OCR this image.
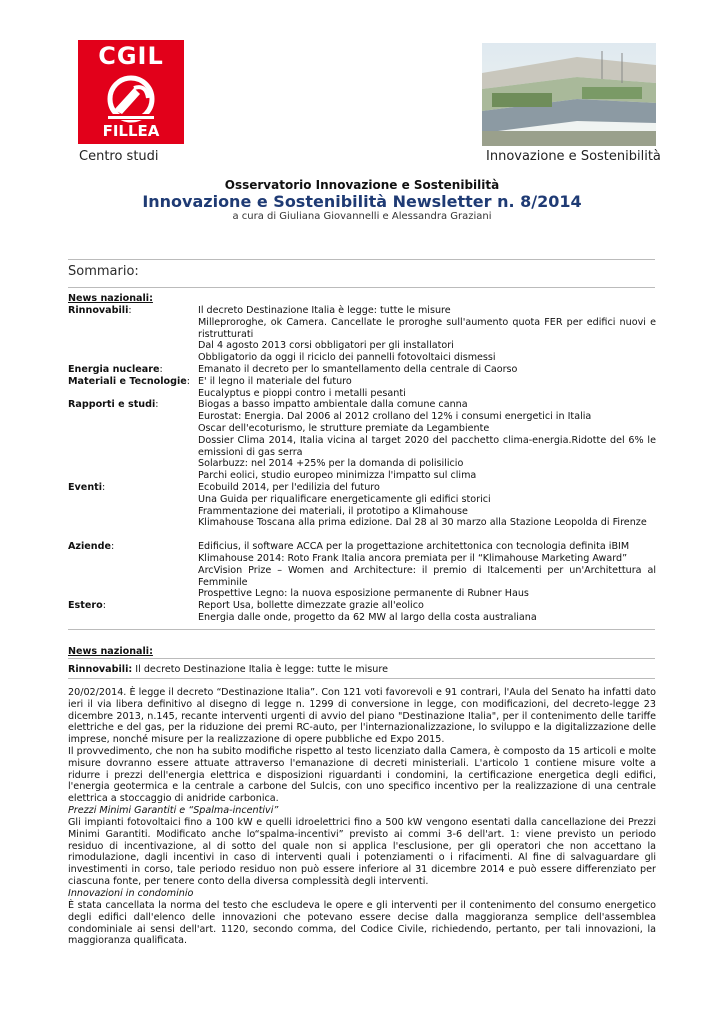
CGIL
FILLEA
Centro studi	Innovazione e Sostenibilità
Osservatorio Innovazione e Sostenibilità
Innovazione e Sostenibilità Newsletter n. 8/2014
a cura di Giuliana Giovannelli e Alessandra Graziani
Sommario:
News nazionali:
Rinnovabili:
Energia nucleare:
Materiali e Tecnologie:
Rapporti e studi:
Eventi:
Aziende:
Estero:
Il decreto Destinazione Italia è legge: tutte le misure
Milleproroghe, ok Camera. Cancellate le proroghe sull'aumento quota FER per edifici nuovi e ristrutturati
Dal 4 agosto 2013 corsi obbligatori per gli installatori
Obbligatorio da oggi il riciclo dei pannelli fotovoltaici dismessi
Emanato il decreto per lo smantellamento della centrale di Caorso
E' il legno il materiale del futuro
Eucalyptus e pioppi contro i metalli pesanti
Biogas a basso impatto ambientale dalla comune canna
Eurostat: Energia. Dal 2006 al 2012 crollano del 12% i consumi energetici in Italia
Oscar dell'ecoturismo, le strutture premiate da Legambiente
Dossier Clima 2014, Italia vicina al target 2020 del pacchetto clima-energia.Ridotte del 6% le emissioni di gas serra
Solarbuzz: nel 2014 +25% per la domanda di polisilicio
Parchi eolici, studio europeo minimizza l'impatto sul clima
Ecobuild 2014, per l'edilizia del futuro
Una Guida per riqualificare energeticamente gli edifici storici
Frammentazione dei materiali, il prototipo a Klimahouse
Klimahouse Toscana alla prima edizione. Dal 28 al 30 marzo alla Stazione Leopolda di Firenze
Edificius, il software ACCA per la progettazione architettonica con tecnologia definita iBIM
Klimahouse 2014: Roto Frank Italia ancora premiata per il “Klimahouse Marketing Award”
ArcVision Prize – Women and Architecture: il premio di Italcementi per un'Architettura al Femminile
Prospettive Legno: la nuova esposizione permanente di Rubner Haus
Report Usa, bollette dimezzate grazie all'eolico
Energia dalle onde, progetto da 62 MW al largo della costa australiana
News nazionali:
Rinnovabili: Il decreto Destinazione Italia è legge: tutte le misure
20/02/2014. È legge il decreto “Destinazione Italia”. Con 121 voti favorevoli e 91 contrari, l'Aula del Senato ha infatti dato ieri il via libera definitivo al disegno di legge n. 1299 di conversione in legge, con modificazioni, del decreto-legge 23 dicembre 2013, n.145, recante interventi urgenti di avvio del piano "Destinazione Italia", per il contenimento delle tariffe elettriche e del gas, per la riduzione dei premi RC-auto, per l'internazionalizzazione, lo sviluppo e la digitalizzazione delle imprese, nonché misure per la realizzazione di opere pubbliche ed Expo 2015.
Il provvedimento, che non ha subito modifiche rispetto al testo licenziato dalla Camera, è composto da 15 articoli e molte misure dovranno essere attuate attraverso l'emanazione di decreti ministeriali. L'articolo 1 contiene misure volte a ridurre i prezzi dell'energia elettrica e disposizioni riguardanti i condomini, la certificazione energetica degli edifici, l'energia geotermica e la centrale a carbone del Sulcis, con uno specifico incentivo per la realizzazione di una centrale elettrica a stoccaggio di anidride carbonica.
Prezzi Minimi Garantiti e “Spalma-incentivi”
Gli impianti fotovoltaici fino a 100 kW e quelli idroelettrici fino a 500 kW vengono esentati dalla cancellazione dei Prezzi Minimi Garantiti. Modificato anche lo“spalma-incentivi” previsto ai commi 3-6 dell'art. 1: viene previsto un periodo residuo di incentivazione, al di sotto del quale non si applica l'esclusione, per gli operatori che non accettano la rimodulazione, dagli incentivi in caso di interventi quali i potenziamenti o i rifacimenti. Al fine di salvaguardare gli investimenti in corso, tale periodo residuo non può essere inferiore al 31 dicembre 2014 e può essere differenziato per ciascuna fonte, per tenere conto della diversa complessità degli interventi.
Innovazioni in condominio
È stata cancellata la norma del testo che escludeva le opere e gli interventi per il contenimento del consumo energetico degli edifici dall'elenco delle innovazioni che potevano essere decise dalla maggioranza semplice dell'assemblea condominiale ai sensi dell'art. 1120, secondo comma, del Codice Civile, richiedendo, pertanto, per tali innovazioni, la maggioranza qualificata.
